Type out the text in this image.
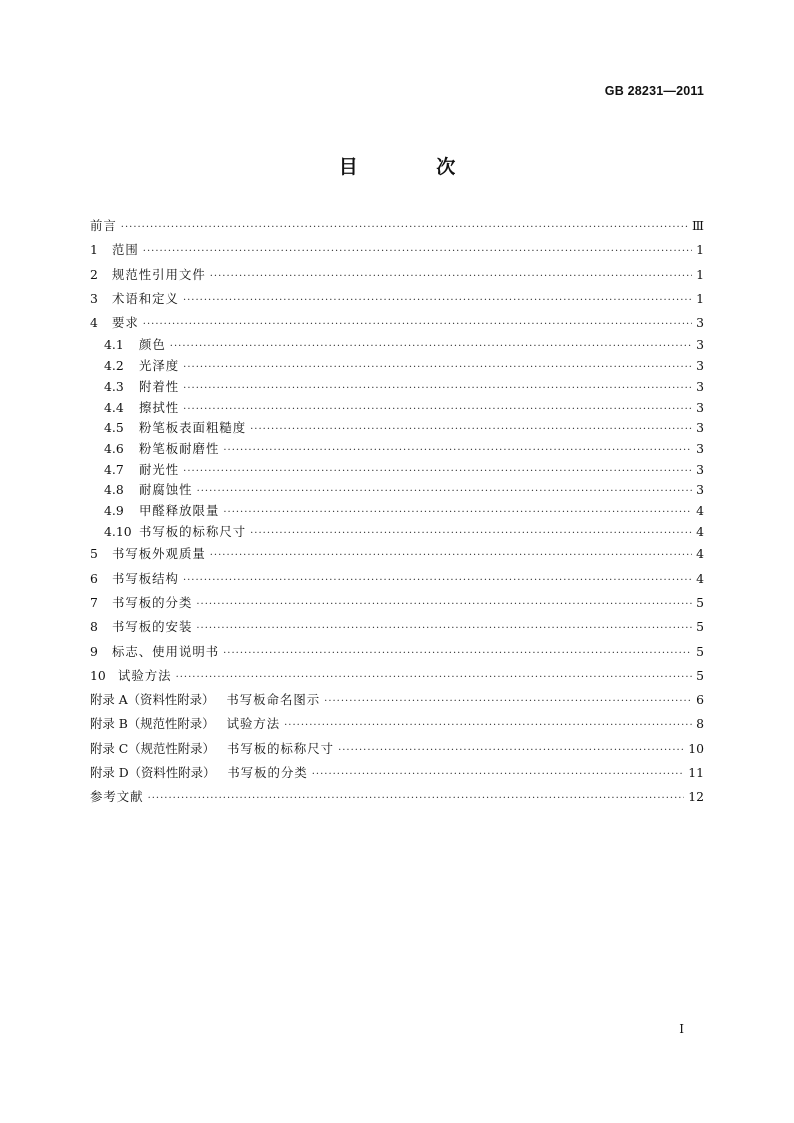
GB 28231—2011
目 次
前言 ·····	Ⅲ
1	范围 ·····	1
2	规范性引用文件 ·····	1
3	术语和定义 ·····	1
4	要求 ·····	3
4.1	颜色 ·····	3
4.2	光泽度 ·····	3
4.3	附着性 ·····	3
4.4	擦拭性 ·····	3
4.5	粉笔板表面粗糙度 ·····	3
4.6	粉笔板耐磨性 ·····	3
4.7	耐光性 ·····	3
4.8	耐腐蚀性 ·····	3
4.9	甲醛释放限量 ·····	4
4.10 书写板的标称尺寸 ·····	4
5	书写板外观质量 ·····	4
6	书写板结构 ·····	4
7	书写板的分类 ·····	5
8	书写板的安装 ·····	5
9	标志、使用说明书 ·····	5
10 试验方法 ·····	5
附录 A（资料性附录） 书写板命名图示 ·····	6
附录 B（规范性附录） 试验方法 ·····	8
附录 C（规范性附录） 书写板的标称尺寸 ·····	10
附录 D（资料性附录） 书写板的分类 ·····	11
参考文献 ·····	12
I
